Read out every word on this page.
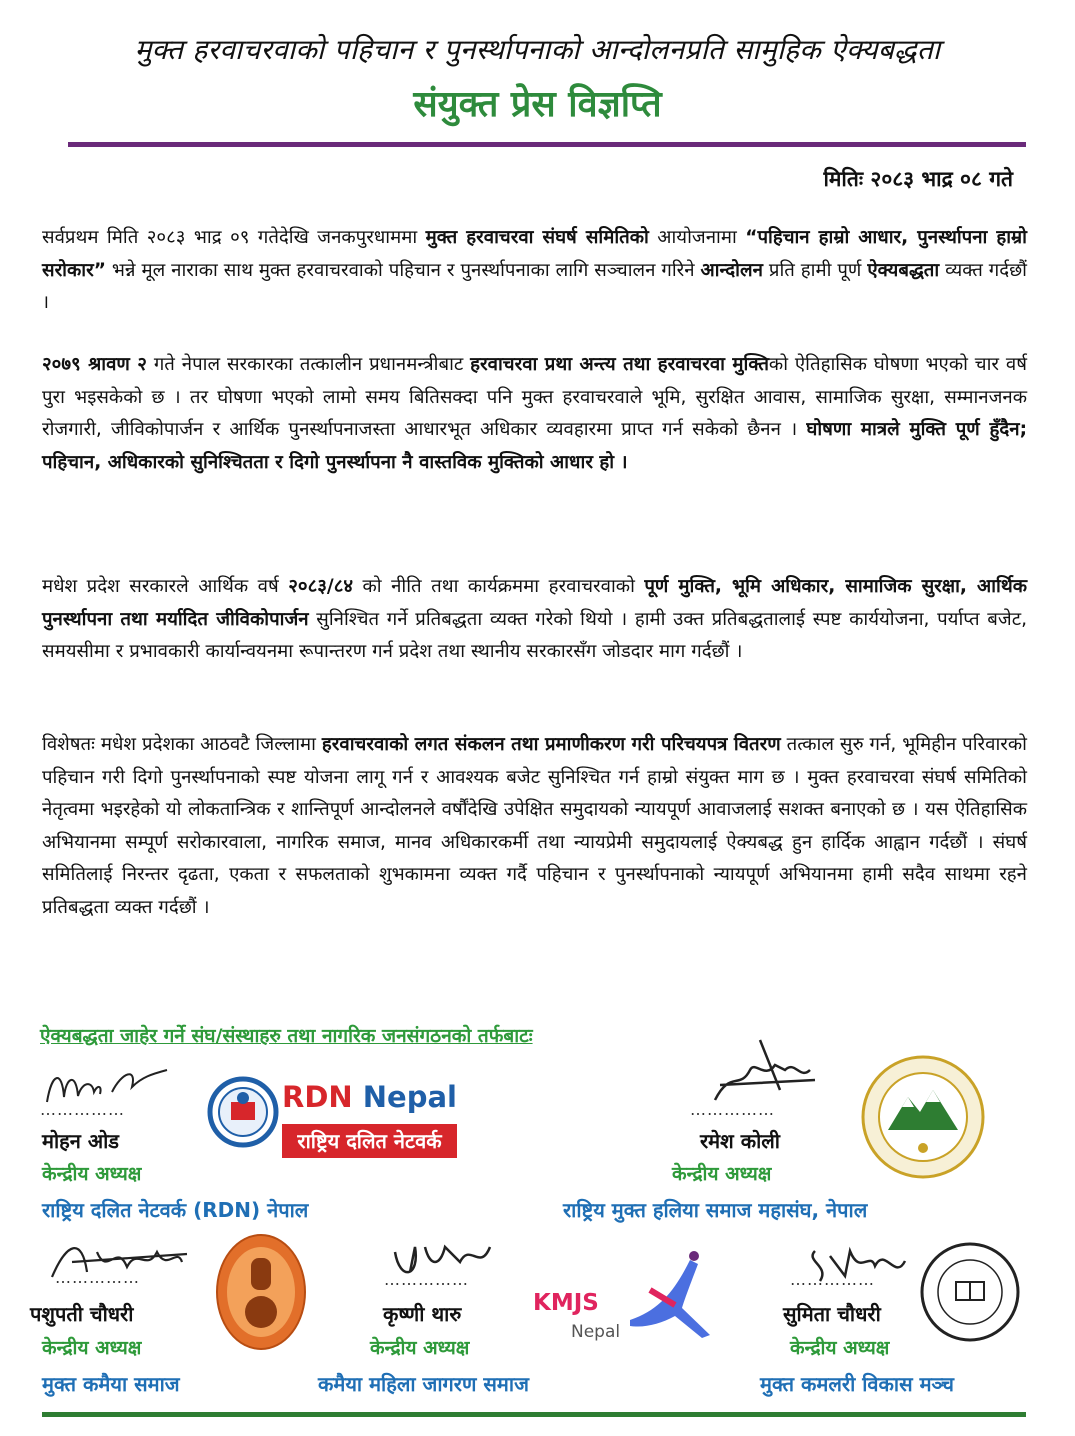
मुक्त हरवाचरवाको पहिचान र पुनर्स्थापनाको आन्दोलनप्रति सामुहिक ऐक्यबद्धता
संयुक्त प्रेस विज्ञप्ति
मितिः २०८३ भाद्र ०८ गते

सर्वप्रथम मिति २०८३ भाद्र ०९ गतेदेखि जनकपुरधाममा मुक्त हरवाचरवा संघर्ष समितिको आयोजनामा “पहिचान हाम्रो आधार, पुनर्स्थापना हाम्रो सरोकार” भन्ने मूल नाराका साथ मुक्त हरवाचरवाको पहिचान र पुनर्स्थापनाका लागि सञ्चालन गरिने आन्दोलन प्रति हामी पूर्ण ऐक्यबद्धता व्यक्त गर्दछौं ।

२०७९ श्रावण २ गते नेपाल सरकारका तत्कालीन प्रधानमन्त्रीबाट हरवाचरवा प्रथा अन्त्य तथा हरवाचरवा मुक्तिको ऐतिहासिक घोषणा भएको चार वर्ष पुरा भइसकेको छ । तर घोषणा भएको लामो समय बितिसक्दा पनि मुक्त हरवाचरवाले भूमि, सुरक्षित आवास, सामाजिक सुरक्षा, सम्मानजनक रोजगारी, जीविकोपार्जन र आर्थिक पुनर्स्थापनाजस्ता आधारभूत अधिकार व्यवहारमा प्राप्त गर्न सकेको छैनन । घोषणा मात्रले मुक्ति पूर्ण हुँदैन; पहिचान, अधिकारको सुनिश्चितता र दिगो पुनर्स्थापना नै वास्तविक मुक्तिको आधार हो ।

मधेश प्रदेश सरकारले आर्थिक वर्ष २०८३/८४ को नीति तथा कार्यक्रममा हरवाचरवाको पूर्ण मुक्ति, भूमि अधिकार, सामाजिक सुरक्षा, आर्थिक पुनर्स्थापना तथा मर्यादित जीविकोपार्जन सुनिश्चित गर्ने प्रतिबद्धता व्यक्त गरेको थियो । हामी उक्त प्रतिबद्धतालाई स्पष्ट कार्ययोजना, पर्याप्त बजेट, समयसीमा र प्रभावकारी कार्यान्वयनमा रूपान्तरण गर्न प्रदेश तथा स्थानीय सरकारसँग जोडदार माग गर्दछौं ।

विशेषतः मधेश प्रदेशका आठवटै जिल्लामा हरवाचरवाको लगत संकलन तथा प्रमाणीकरण गरी परिचयपत्र वितरण तत्काल सुरु गर्न, भूमिहीन परिवारको पहिचान गरी दिगो पुनर्स्थापनाको स्पष्ट योजना लागू गर्न र आवश्यक बजेट सुनिश्चित गर्न हाम्रो संयुक्त माग छ । मुक्त हरवाचरवा संघर्ष समितिको नेतृत्वमा भइरहेको यो लोकतान्त्रिक र शान्तिपूर्ण आन्दोलनले वर्षौंदेखि उपेक्षित समुदायको न्यायपूर्ण आवाजलाई सशक्त बनाएको छ । यस ऐतिहासिक अभियानमा सम्पूर्ण सरोकारवाला, नागरिक समाज, मानव अधिकारकर्मी तथा न्यायप्रेमी समुदायलाई ऐक्यबद्ध हुन हार्दिक आह्वान गर्दछौं । संघर्ष समितिलाई निरन्तर दृढता, एकता र सफलताको शुभकामना व्यक्त गर्दै पहिचान र पुनर्स्थापनाको न्यायपूर्ण अभियानमा हामी सदैव साथमा रहने प्रतिबद्धता व्यक्त गर्दछौं ।

ऐक्यबद्धता जाहेर गर्ने संघ/संस्थाहरु तथा नागरिक जनसंगठनको तर्फबाटः
……………
मोहन ओड
केन्द्रीय अध्यक्ष
राष्ट्रिय दलित नेटवर्क (RDN) नेपाल
RDN Nepal
राष्ट्रिय दलित नेटवर्क
……………
रमेश कोली
केन्द्रीय अध्यक्ष
राष्ट्रिय मुक्त हलिया समाज महासंघ, नेपाल
……………
पशुपती चौधरी
केन्द्रीय अध्यक्ष
मुक्त कमैया समाज
……………
कृष्णी थारु
केन्द्रीय अध्यक्ष
कमैया महिला जागरण समाज
KMJS
Nepal
……………
सुमिता चौधरी
केन्द्रीय अध्यक्ष
मुक्त कमलरी विकास मञ्च
